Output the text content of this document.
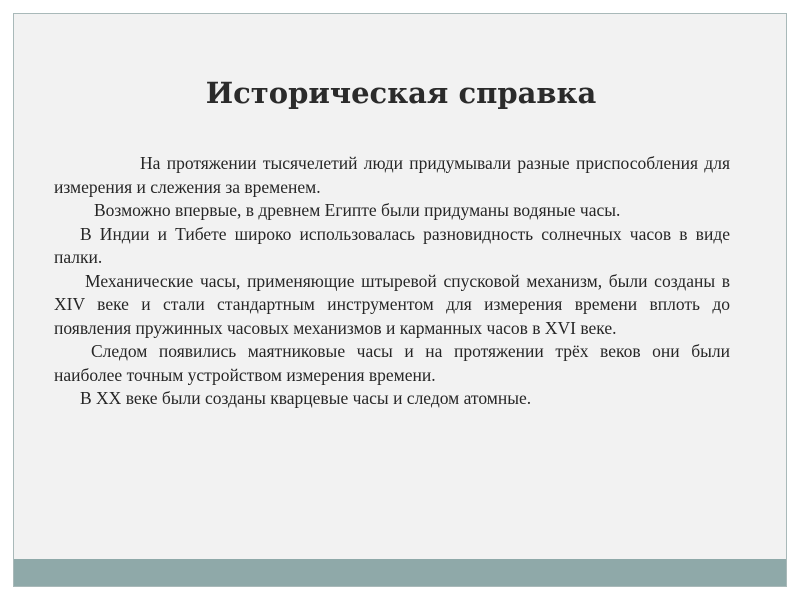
Историческая справка

На протяжении тысячелетий люди придумывали разные приспособления для измерения и слежения за временем.

Возможно впервые, в древнем Египте были придуманы водяные часы.

В Индии и Тибете широко использовалась разновидность солнечных часов в виде палки.

Механические часы, применяющие штыревой спусковой механизм, были созданы в XIV веке и стали стандартным инструментом для измерения времени вплоть до появления пружинных часовых механизмов и карманных часов в XVI веке.

Следом появились маятниковые часы и на протяжении трёх веков они были наиболее точным устройством измерения времени.

В XX веке были созданы кварцевые часы и следом атомные.
